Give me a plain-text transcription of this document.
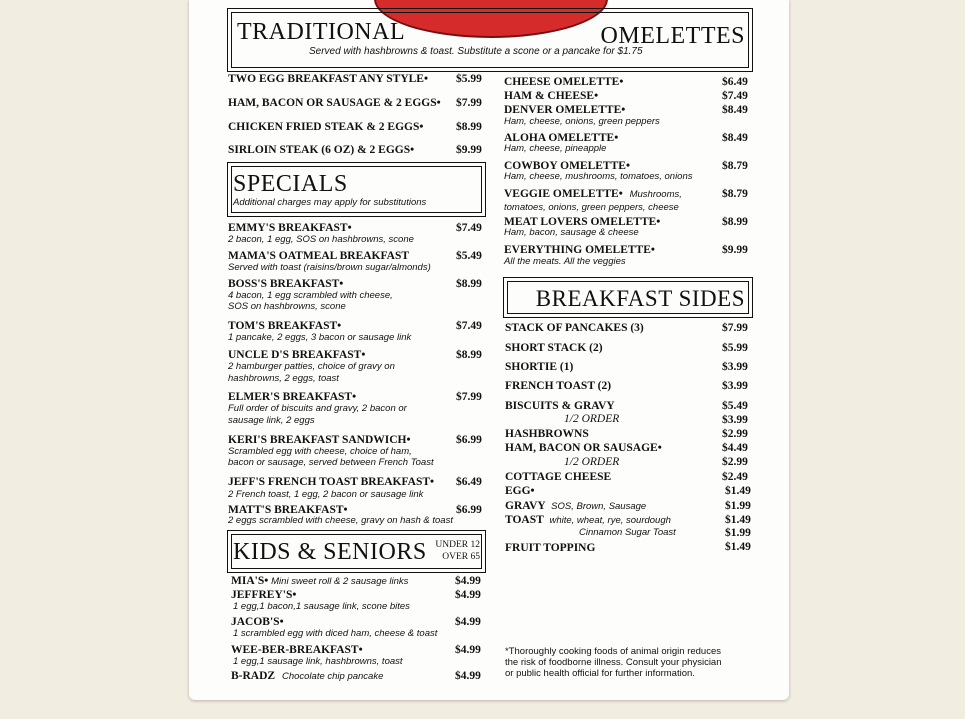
TRADITIONAL	OMELETTES
Served with hashbrowns & toast. Substitute a scone or a pancake for $1.75
TWO EGG BREAKFAST ANY STYLE• $5.99
HAM, BACON OR SAUSAGE & 2 EGGS• $7.99
CHICKEN FRIED STEAK & 2 EGGS•	$8.99
SIRLOIN STEAK (6 OZ) & 2 EGGS•	$9.99
CHEESE OMELETTE•	$6.49
HAM & CHEESE•	$7.49
DENVER OMELETTE•	$8.49
Ham, cheese, onions, green peppers
ALOHA OMELETTE•	$8.49
Ham, cheese, pineapple
COWBOY OMELETTE•	$8.79
Ham, cheese, mushrooms, tomatoes, onions
VEGGIE OMELETTE• Mushrooms,	$8.79
tomatoes, onions, green peppers, cheese
MEAT LOVERS OMELETTE•	$8.99
Ham, bacon, sausage & cheese
EVERYTHING OMELETTE•	$9.99
All the meats. All the veggies
SPECIALS
Additional charges may apply for substitutions
EMMY'S BREAKFAST•	$7.49
2 bacon, 1 egg, SOS on hashbrowns, scone
MAMA'S OATMEAL BREAKFAST	$5.49
Served with toast (raisins/brown sugar/almonds)
BOSS'S BREAKFAST•	$8.99
4 bacon, 1 egg scrambled with cheese,
SOS on hashbrowns, scone
TOM'S BREAKFAST•	$7.49
1 pancake, 2 eggs, 3 bacon or sausage link
UNCLE D'S BREAKFAST•	$8.99
2 hamburger patties, choice of gravy on
hashbrowns, 2 eggs, toast
ELMER'S BREAKFAST•	$7.99
Full order of biscuits and gravy, 2 bacon or
sausage link, 2 eggs
KERI'S BREAKFAST SANDWICH•	$6.99
Scrambled egg with cheese, choice of ham,
bacon or sausage, served between French Toast
JEFF'S FRENCH TOAST BREAKFAST• $6.49
2 French toast, 1 egg, 2 bacon or sausage link
MATT'S BREAKFAST•	$6.99
2 eggs scrambled with cheese, gravy on hash & toast
KIDS & SENIORS UNDER 12
OVER 65
MIA'S• Mini sweet roll & 2 sausage links	$4.99
JEFFREY'S•	$4.99
1 egg,1 bacon,1 sausage link, scone bites
JACOB'S•	$4.99
1 scrambled egg with diced ham, cheese & toast
WEE-BER-BREAKFAST•	$4.99
1 egg,1 sausage link, hashbrowns, toast
B-RADZ Chocolate chip pancake	$4.99
BREAKFAST SIDES
STACK OF PANCAKES (3)	$7.99
SHORT STACK (2)	$5.99
SHORTIE (1)	$3.99
FRENCH TOAST (2)	$3.99
BISCUITS & GRAVY	$5.49
1/2 ORDER	$3.99
HASHBROWNS	$2.99
HAM, BACON OR SAUSAGE•	$4.49
1/2 ORDER	$2.99
COTTAGE CHEESE	$2.49
EGG•	$1.49
GRAVY SOS, Brown, Sausage	$1.99
TOAST white, wheat, rye, sourdough	$1.49
Cinnamon Sugar Toast	$1.99
FRUIT TOPPING	$1.49
*Thoroughly cooking foods of animal origin reduces
the risk of foodborne illness. Consult your physician
or public health official for further information.
